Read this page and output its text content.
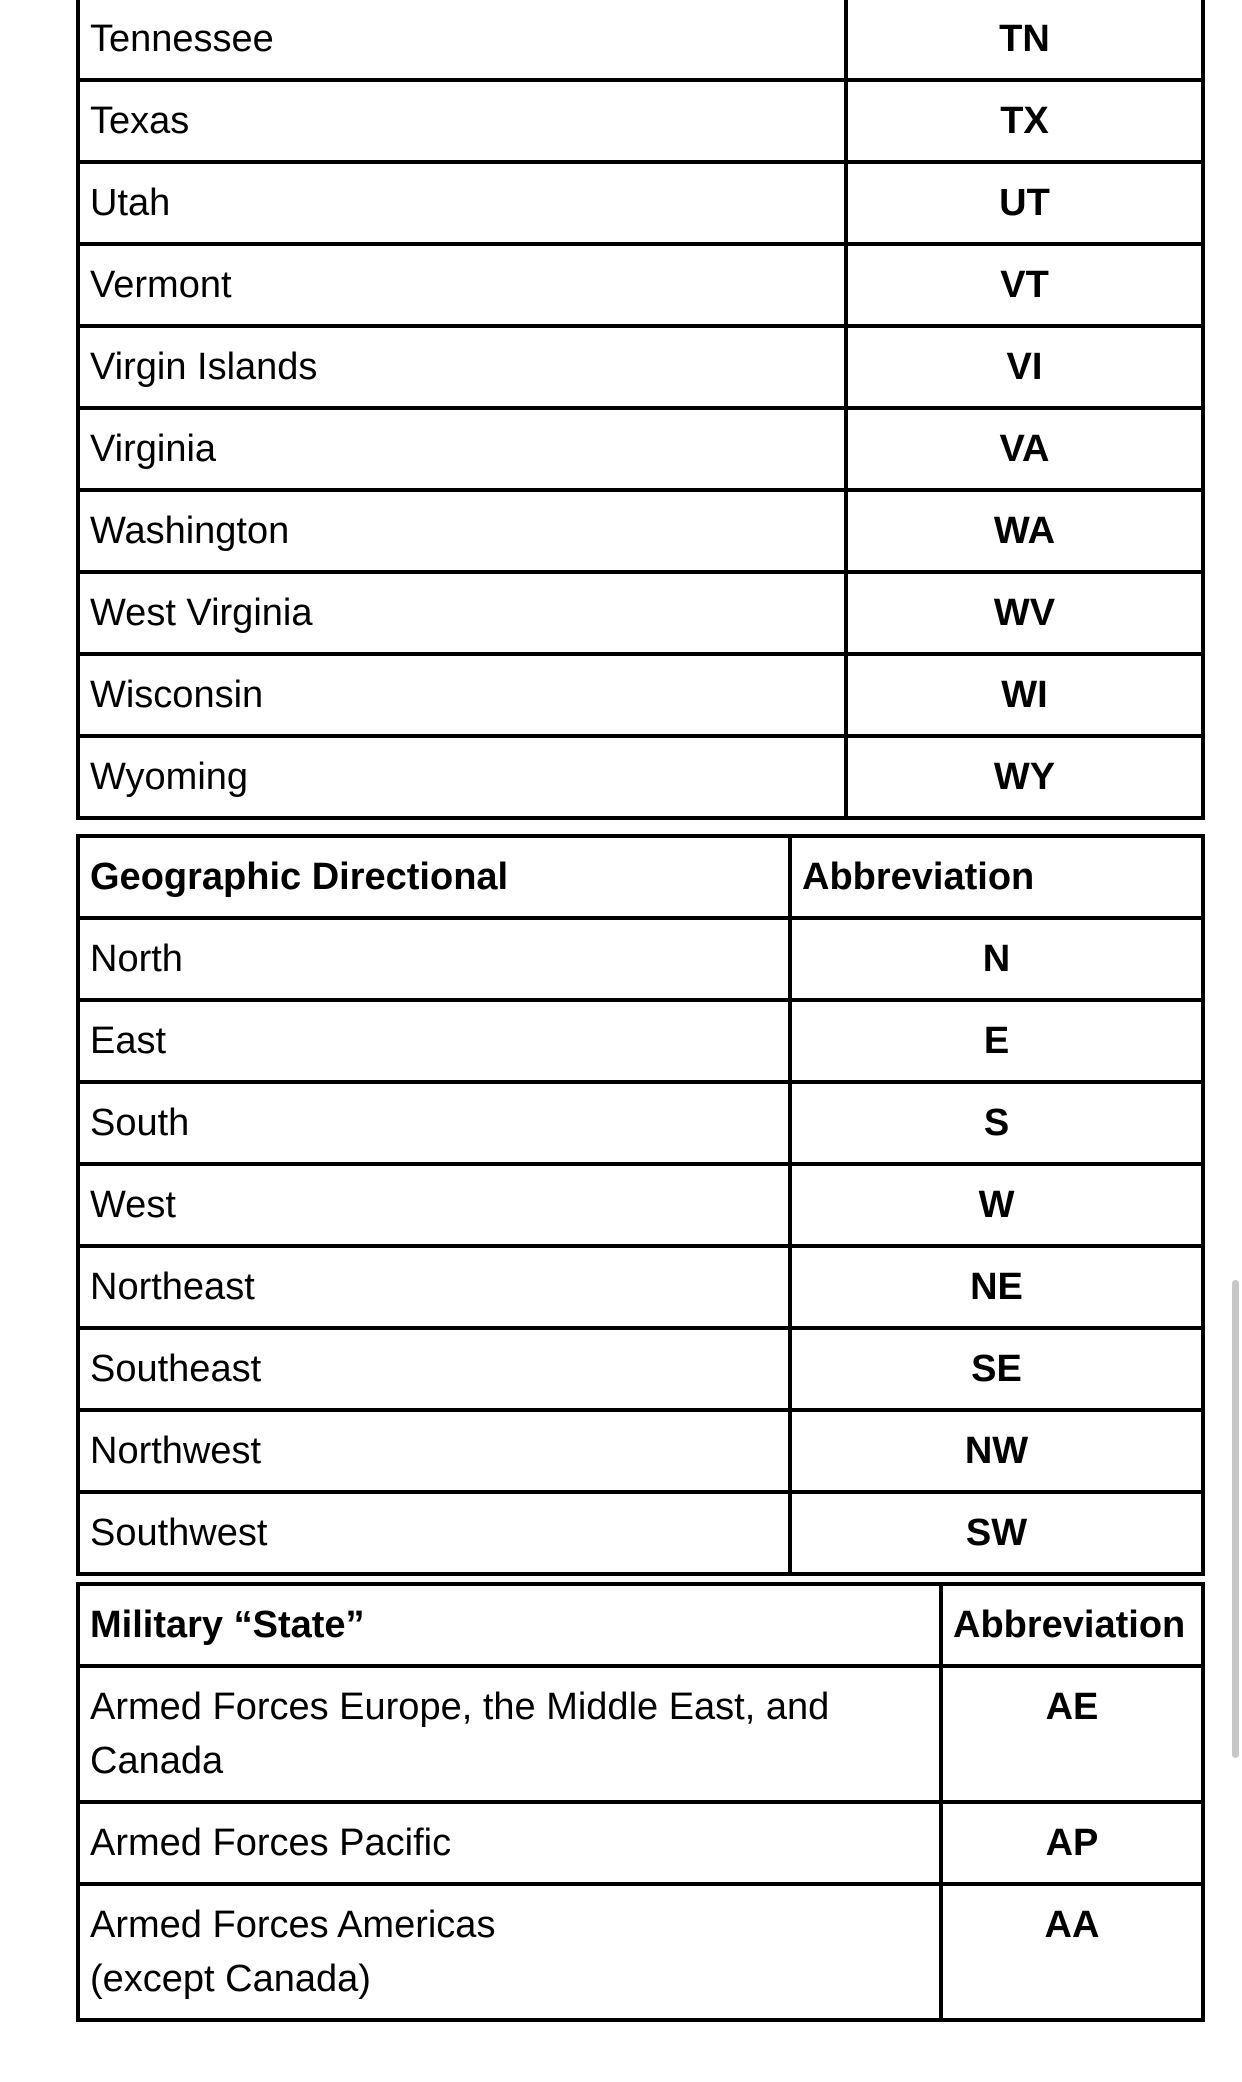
Tennessee	TN
Texas	TX
Utah	UT
Vermont	VT
Virgin Islands	VI
Virginia	VA
Washington	WA
West Virginia	WV
Wisconsin	WI
Wyoming	WY
Geographic Directional	Abbreviation
North	N
East	E
South	S
West	W
Northeast	NE
Southeast	SE
Northwest	NW
Southwest	SW
Military “State”	Abbreviation

Armed Forces Europe, the Middle East, and
Canada	AE
Armed Forces Pacific	AP

Armed Forces Americas
(except Canada)	AA
